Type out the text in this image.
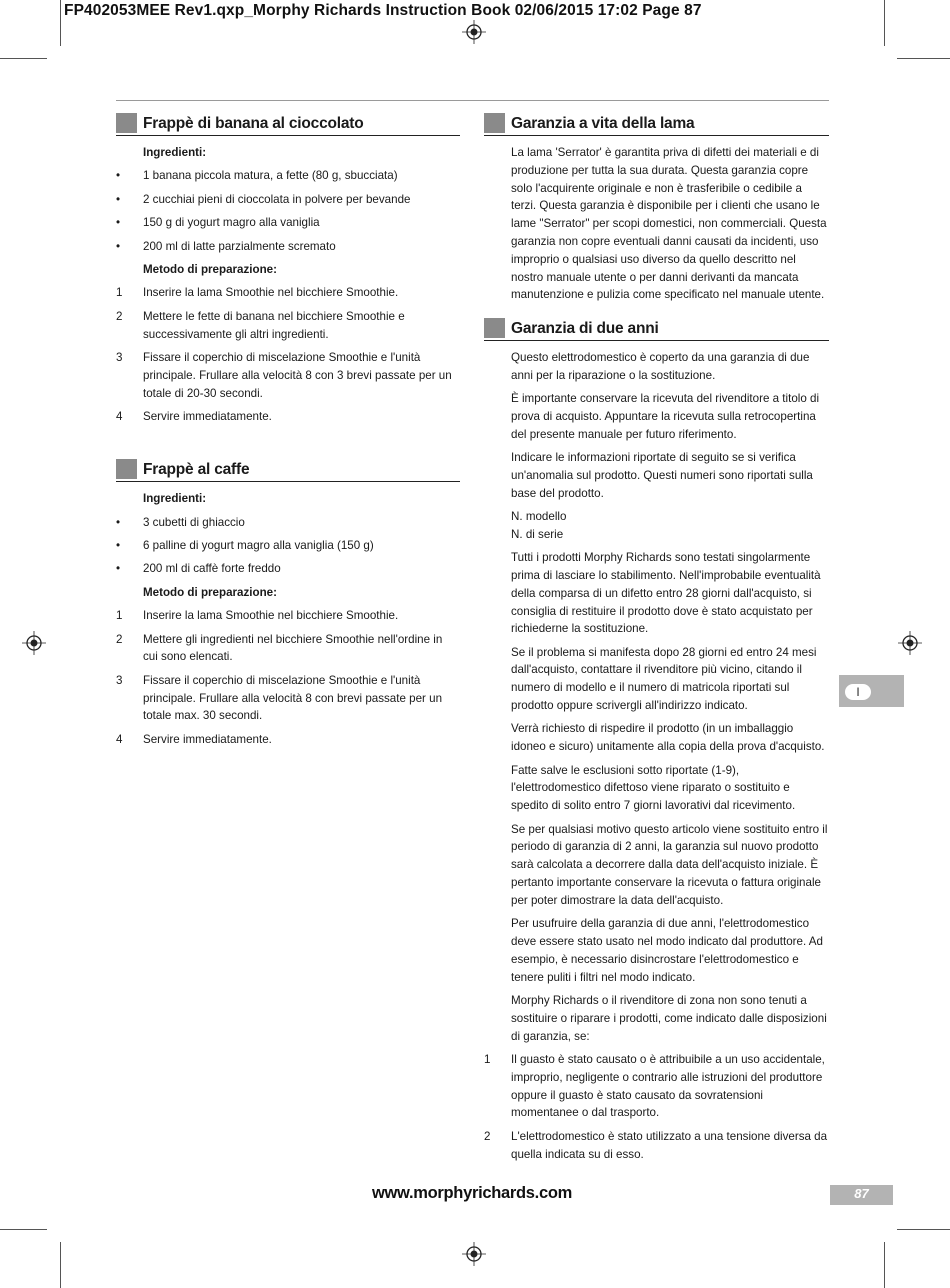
FP402053MEE Rev1.qxp_Morphy Richards Instruction Book 02/06/2015 17:02 Page 87
Frappè di banana al cioccolato
Ingredienti:
• 1 banana piccola matura, a fette (80 g, sbucciata)
• 2 cucchiai pieni di cioccolata in polvere per bevande
• 150 g di yogurt magro alla vaniglia
• 200 ml di latte parzialmente scremato
Metodo di preparazione:
1 Inserire la lama Smoothie nel bicchiere Smoothie.
2 Mettere le fette di banana nel bicchiere Smoothie e successivamente gli altri ingredienti.
3 Fissare il coperchio di miscelazione Smoothie e l'unità principale. Frullare alla velocità 8 con 3 brevi passate per un totale di 20-30 secondi.
4 Servire immediatamente.
Frappè al caffe
Ingredienti:
• 3 cubetti di ghiaccio
• 6 palline di yogurt magro alla vaniglia (150 g)
• 200 ml di caffè forte freddo
Metodo di preparazione:
1 Inserire la lama Smoothie nel bicchiere Smoothie.
2 Mettere gli ingredienti nel bicchiere Smoothie nell'ordine in cui sono elencati.
3 Fissare il coperchio di miscelazione Smoothie e l'unità principale. Frullare alla velocità 8 con brevi passate per un totale max. 30 secondi.
4 Servire immediatamente.
Garanzia a vita della lama
La lama 'Serrator' è garantita priva di difetti dei materiali e di produzione per tutta la sua durata. Questa garanzia copre solo l'acquirente originale e non è trasferibile o cedibile a terzi. Questa garanzia è disponibile per i clienti che usano le lame "Serrator" per scopi domestici, non commerciali. Questa garanzia non copre eventuali danni causati da incidenti, uso improprio o qualsiasi uso diverso da quello descritto nel nostro manuale utente o per danni derivanti da mancata manutenzione e pulizia come specificato nel manuale utente.
Garanzia di due anni
Questo elettrodomestico è coperto da una garanzia di due anni per la riparazione o la sostituzione.
È importante conservare la ricevuta del rivenditore a titolo di prova di acquisto. Appuntare la ricevuta sulla retrocopertina del presente manuale per futuro riferimento.
Indicare le informazioni riportate di seguito se si verifica un'anomalia sul prodotto. Questi numeri sono riportati sulla base del prodotto.
N. modello
N. di serie
Tutti i prodotti Morphy Richards sono testati singolarmente prima di lasciare lo stabilimento. Nell'improbabile eventualità della comparsa di un difetto entro 28 giorni dall'acquisto, si consiglia di restituire il prodotto dove è stato acquistato per richiederne la sostituzione.
Se il problema si manifesta dopo 28 giorni ed entro 24 mesi dall'acquisto, contattare il rivenditore più vicino, citando il numero di modello e il numero di matricola riportati sul prodotto oppure scrivergli all'indirizzo indicato.
Verrà richiesto di rispedire il prodotto (in un imballaggio idoneo e sicuro) unitamente alla copia della prova d'acquisto.
Fatte salve le esclusioni sotto riportate (1-9), l'elettrodomestico difettoso viene riparato o sostituito e spedito di solito entro 7 giorni lavorativi dal ricevimento.
Se per qualsiasi motivo questo articolo viene sostituito entro il periodo di garanzia di 2 anni, la garanzia sul nuovo prodotto sarà calcolata a decorrere dalla data dell'acquisto iniziale. È pertanto importante conservare la ricevuta o fattura originale per poter dimostrare la data dell'acquisto.
Per usufruire della garanzia di due anni, l'elettrodomestico deve essere stato usato nel modo indicato dal produttore. Ad esempio, è necessario disincrostare l'elettrodomestico e tenere puliti i filtri nel modo indicato.
Morphy Richards o il rivenditore di zona non sono tenuti a sostituire o riparare i prodotti, come indicato dalle disposizioni di garanzia, se:
1 Il guasto è stato causato o è attribuibile a un uso accidentale, improprio, negligente o contrario alle istruzioni del produttore oppure il guasto è stato causato da sovratensioni momentanee o dal trasporto.
2 L'elettrodomestico è stato utilizzato a una tensione diversa da quella indicata su di esso.
I
www.morphyrichards.com	87
